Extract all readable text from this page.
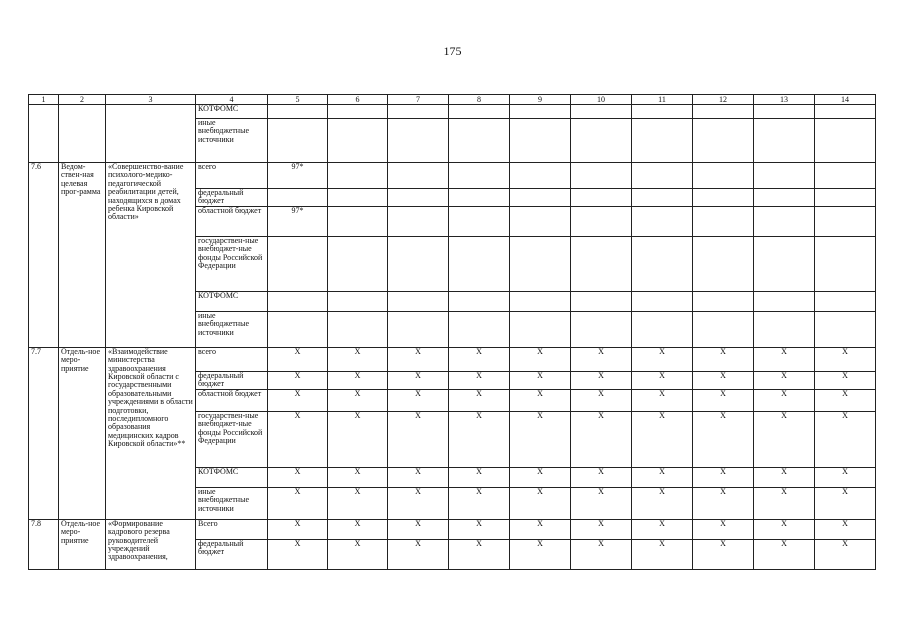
175
1	2	3	4	5	6	7	8	9	10	11	12	13	14
			КОТФОМС										
			иные внебюджетные источники										
7.6	Ведом-ствен-ная целевая прог-рамма	«Совершенство-вание психолого-медико-педагогической реабилитации детей, находящихся в домах ребенка Кировской области»	всего	97*									
			федеральный бюджет										
			областной бюджет	97*									
			государствен-ные внебюджет-ные фонды Российской Федерации										
			КОТФОМС										
			иные внебюджетные источники										
7.7	Отдель-ное меро-приятие	«Взаимодействие министерства здравоохранения Кировской области с государственными образовательными учреждениями в области подготовки, последипломного образования медицинских кадров Кировской области»**	всего	X	X	X	X	X	X	X	X	X	X
			федеральный бюджет	X	X	X	X	X	X	X	X	X	X
			областной бюджет	X	X	X	X	X	X	X	X	X	X
			государствен-ные внебюджет-ные фонды Российской Федерации	X	X	X	X	X	X	X	X	X	X
			КОТФОМС	X	X	X	X	X	X	X	X	X	X
			иные внебюджетные источники	X	X	X	X	X	X	X	X	X	X
7.8	Отдель-ное меро-приятие	«Формирование кадрового резерва руководителей учреждений здравоохранения,	Всего	X	X	X	X	X	X	X	X	X	X
			федеральный бюджет	X	X	X	X	X	X	X	X	X	X
